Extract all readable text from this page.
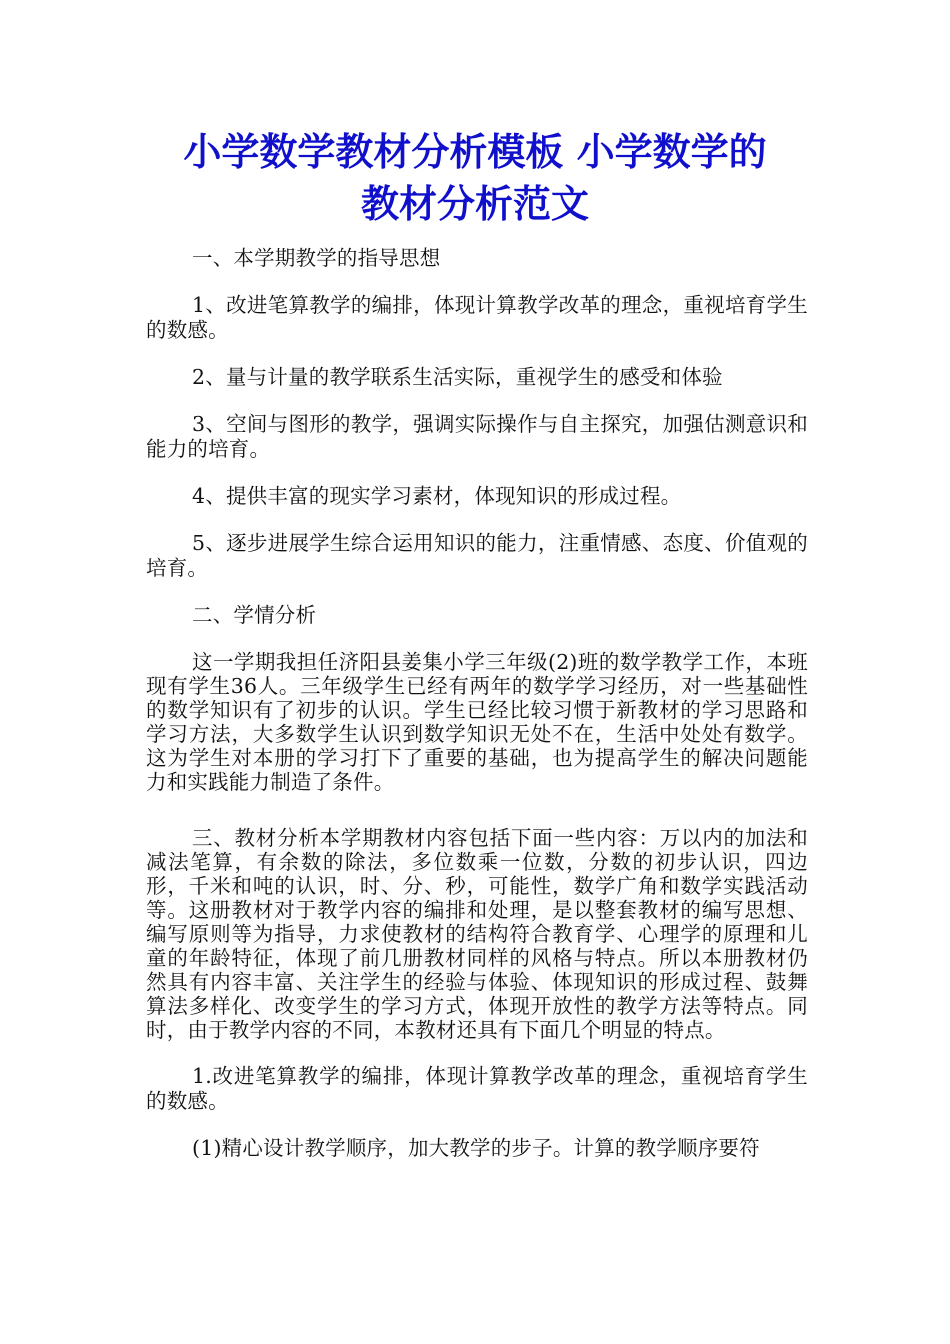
小学数学教材分析模板 小学数学的
教材分析范文

一、本学期教学的指导思想

1、改进笔算教学的编排，体现计算教学改革的理念，重视培育学生的数感。

2、量与计量的教学联系生活实际，重视学生的感受和体验

3、空间与图形的教学，强调实际操作与自主探究，加强估测意识和能力的培育。

4、提供丰富的现实学习素材，体现知识的形成过程。

5、逐步进展学生综合运用知识的能力，注重情感、态度、价值观的培育。

二、学情分析

这一学期我担任济阳县姜集小学三年级(2)班的数学教学工作，本班现有学生36人。三年级学生已经有两年的数学学习经历，对一些基础性的数学知识有了初步的认识。学生已经比较习惯于新教材的学习思路和学习方法，大多数学生认识到数学知识无处不在，生活中处处有数学。这为学生对本册的学习打下了重要的基础，也为提高学生的解决问题能力和实践能力制造了条件。

三、教材分析本学期教材内容包括下面一些内容：万以内的加法和减法笔算，有余数的除法，多位数乘一位数，分数的初步认识，四边形，千米和吨的认识，时、分、秒，可能性，数学广角和数学实践活动等。这册教材对于教学内容的编排和处理，是以整套教材的编写思想、编写原则等为指导，力求使教材的结构符合教育学、心理学的原理和儿童的年龄特征，体现了前几册教材同样的风格与特点。所以本册教材仍然具有内容丰富、关注学生的经验与体验、体现知识的形成过程、鼓舞算法多样化、改变学生的学习方式，体现开放性的教学方法等特点。同时，由于教学内容的不同，本教材还具有下面几个明显的特点。

1.改进笔算教学的编排，体现计算教学改革的理念，重视培育学生的数感。

(1)精心设计教学顺序，加大教学的步子。计算的教学顺序要符
